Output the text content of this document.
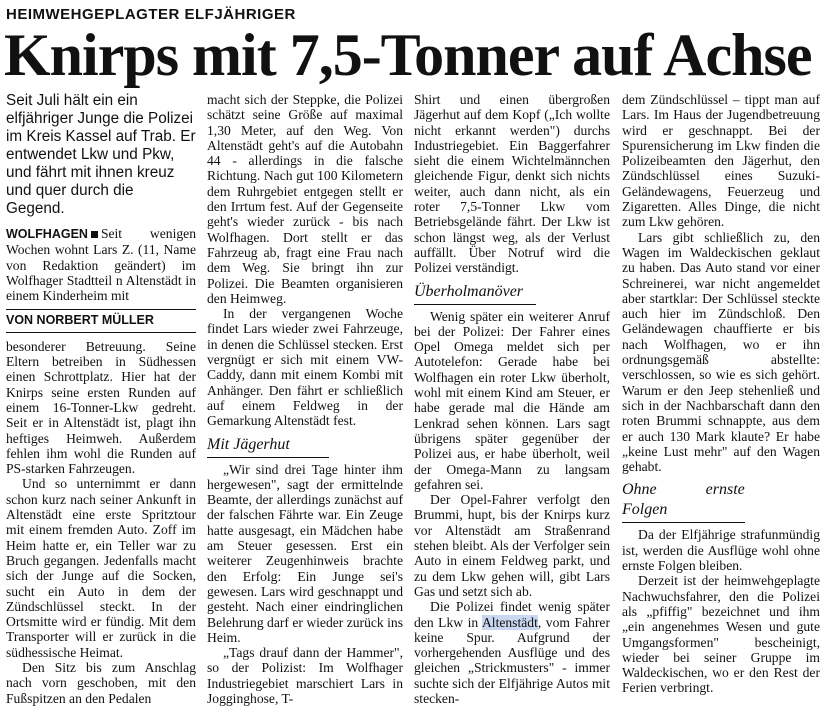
HEIMWEHGEPLAGTER ELFJÄHRIGER
Knirps mit 7,5-Tonner auf Achse
Seit Juli hält ein ein elfjähriger Junge die Polizei im Kreis Kassel auf Trab. Er entwendet Lkw und Pkw, und fährt mit ihnen kreuz und quer durch die Gegend.

WOLFHAGEN Seit wenigen Wochen wohnt Lars Z. (11, Name von Redaktion geändert) im Wolfhager Stadtteil n Altenstädt in einem Kinderheim mit

VON NORBERT MÜLLER

besonderer Betreuung. Seine Eltern betreiben in Südhessen einen Schrottplatz. Hier hat der Knirps seine ersten Runden auf einem 16-Tonner-Lkw gedreht. Seit er in Altenstädt ist, plagt ihn heftiges Heimweh. Außerdem fehlen ihm wohl die Runden auf PS-starken Fahrzeugen.

Und so unternimmt er dann schon kurz nach seiner Ankunft in Altenstädt eine erste Spritztour mit einem fremden Auto. Zoff im Heim hatte er, ein Teller war zu Bruch gegangen. Jedenfalls macht sich der Junge auf die Socken, sucht ein Auto in dem der Zündschlüssel steckt. In der Ortsmitte wird er fündig. Mit dem Transporter will er zurück in die südhessische Heimat.

Den Sitz bis zum Anschlag nach vorn geschoben, mit den Fußspitzen an den Pedalen

macht sich der Steppke, die Polizei schätzt seine Größe auf maximal 1,30 Meter, auf den Weg. Von Altenstädt geht's auf die Autobahn 44 - allerdings in die falsche Richtung. Nach gut 100 Kilometern dem Ruhrgebiet entgegen stellt er den Irrtum fest. Auf der Gegenseite geht's wieder zurück - bis nach Wolfhagen. Dort stellt er das Fahrzeug ab, fragt eine Frau nach dem Weg. Sie bringt ihn zur Polizei. Die Beamten organisieren den Heimweg.

In der vergangenen Woche findet Lars wieder zwei Fahrzeuge, in denen die Schlüssel stecken. Erst vergnügt er sich mit einem VW-Caddy, dann mit einem Kombi mit Anhänger. Den fährt er schließlich auf einem Feldweg in der Gemarkung Altenstädt fest.

Mit Jägerhut

„Wir sind drei Tage hinter ihm hergewesen", sagt der ermittelnde Beamte, der allerdings zunächst auf der falschen Fährte war. Ein Zeuge hatte ausgesagt, ein Mädchen habe am Steuer gesessen. Erst ein weiterer Zeugenhinweis brachte den Erfolg: Ein Junge sei's gewesen. Lars wird geschnappt und gesteht. Nach einer eindringlichen Belehrung darf er wieder zurück ins Heim.

„Tags drauf dann der Hammer", so der Polizist: Im Wolfhager Industriegebiet marschiert Lars in Jogginghose, T-

Shirt und einen übergroßen Jägerhut auf dem Kopf („Ich wollte nicht erkannt werden") durchs Industriegebiet. Ein Baggerfahrer sieht die einem Wichtelmännchen gleichende Figur, denkt sich nichts weiter, auch dann nicht, als ein roter 7,5-Tonner Lkw vom Betriebsgelände fährt. Der Lkw ist schon längst weg, als der Verlust auffällt. Über Notruf wird die Polizei verständigt.

Überholmanöver

Wenig später ein weiterer Anruf bei der Polizei: Der Fahrer eines Opel Omega meldet sich per Autotelefon: Gerade habe bei Wolfhagen ein roter Lkw überholt, wohl mit einem Kind am Steuer, er habe gerade mal die Hände am Lenkrad sehen können. Lars sagt übrigens später gegenüber der Polizei aus, er habe überholt, weil der Omega-Mann zu langsam gefahren sei.

Der Opel-Fahrer verfolgt den Brummi, hupt, bis der Knirps kurz vor Altenstädt am Straßenrand stehen bleibt. Als der Verfolger sein Auto in einem Feldweg parkt, und zu dem Lkw gehen will, gibt Lars Gas und setzt sich ab.

Die Polizei findet wenig später den Lkw in Altenstädt, vom Fahrer keine Spur. Aufgrund der vorhergehenden Ausflüge und des gleichen „Strickmusters" - immer suchte sich der Elfjährige Autos mit stecken-

dem Zündschlüssel – tippt man auf Lars. Im Haus der Jugendbetreuung wird er geschnappt. Bei der Spurensicherung im Lkw finden die Polizeibeamten den Jägerhut, den Zündschlüssel eines Suzuki-Geländewagens, Feuerzeug und Zigaretten. Alles Dinge, die nicht zum Lkw gehören.

Lars gibt schließlich zu, den Wagen im Waldeckischen geklaut zu haben. Das Auto stand vor einer Schreinerei, war nicht angemeldet aber startklar: Der Schlüssel steckte auch hier im Zündschloß. Den Geländewagen chauffierte er bis nach Wolfhagen, wo er ihn ordnungsgemäß abstellte: verschlossen, so wie es sich gehört. Warum er den Jeep stehenließ und sich in der Nachbarschaft dann den roten Brummi schnappte, aus dem er auch 130 Mark klaute? Er habe „keine Lust mehr" auf den Wagen gehabt.

Ohne ernste Folgen

Da der Elfjährige strafunmündig ist, werden die Ausflüge wohl ohne ernste Folgen bleiben.

Derzeit ist der heimwehgeplagte Nachwuchsfahrer, den die Polizei als „pfiffig" bezeichnet und ihm „ein angenehmes Wesen und gute Umgangsformen" bescheinigt, wieder bei seiner Gruppe im Waldeckischen, wo er den Rest der Ferien verbringt.
